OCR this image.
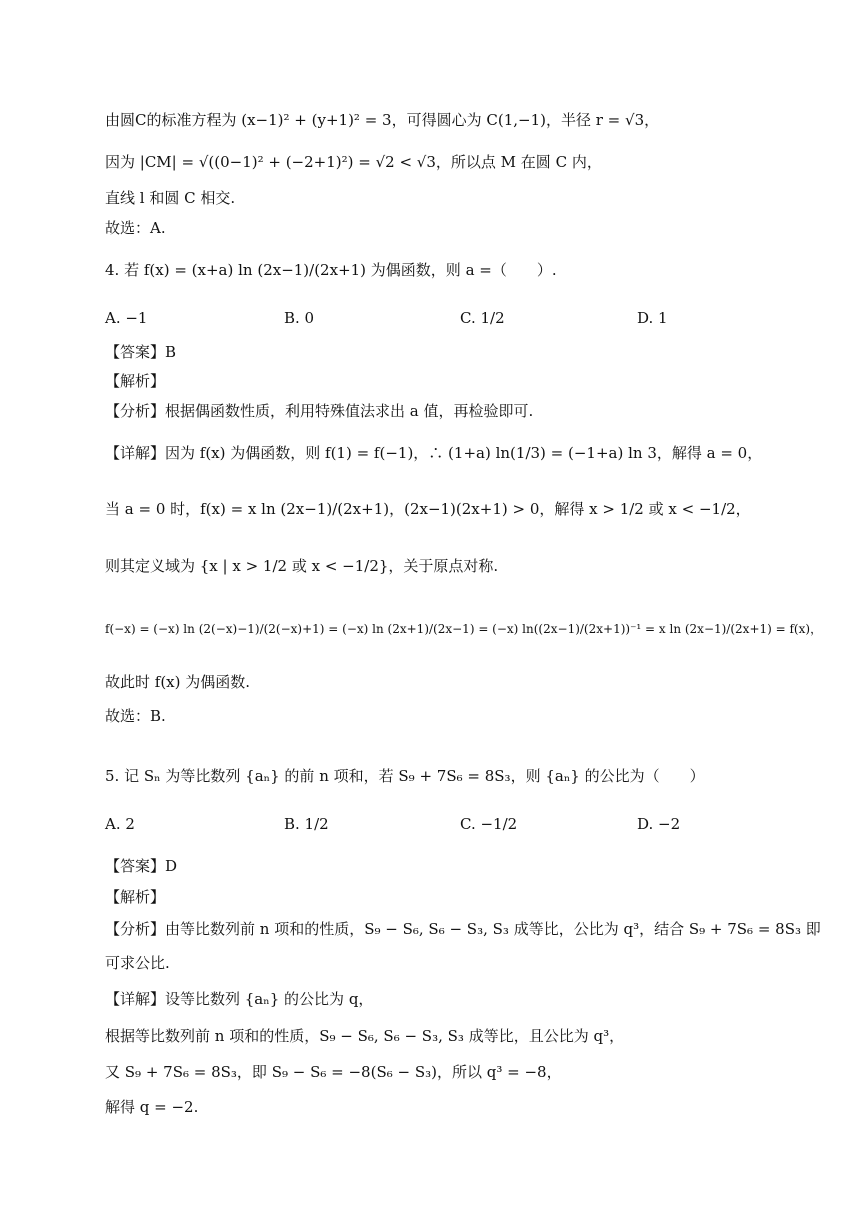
由圆C的标准方程为 (x−1)² + (y+1)² = 3，可得圆心为 C(1,−1)，半径 r = √3，
因为 |CM| = √((0−1)² + (−2+1)²) = √2 < √3，所以点 M 在圆 C 内，
直线 l 和圆 C 相交.
故选：A.
4. 若 f(x) = (x+a) ln (2x−1)/(2x+1) 为偶函数，则 a =（　　）.
A. −1	B. 0	C. 1/2	D. 1
【答案】B
【解析】
【分析】根据偶函数性质，利用特殊值法求出 a 值，再检验即可.
【详解】因为 f(x) 为偶函数，则 f(1) = f(−1)，∴ (1+a) ln(1/3) = (−1+a) ln 3，解得 a = 0，
当 a = 0 时，f(x) = x ln (2x−1)/(2x+1)，(2x−1)(2x+1) > 0，解得 x > 1/2 或 x < −1/2，
则其定义域为 {x | x > 1/2 或 x < −1/2}，关于原点对称.
f(−x) = (−x) ln (2(−x)−1)/(2(−x)+1) = (−x) ln (2x+1)/(2x−1) = (−x) ln((2x−1)/(2x+1))⁻¹ = x ln (2x−1)/(2x+1) = f(x)，
故此时 f(x) 为偶函数.
故选：B.
5. 记 Sₙ 为等比数列 {aₙ} 的前 n 项和，若 S₉ + 7S₆ = 8S₃，则 {aₙ} 的公比为（　　）
A. 2	B. 1/2	C. −1/2	D. −2
【答案】D
【解析】
【分析】由等比数列前 n 项和的性质，S₉ − S₆, S₆ − S₃, S₃ 成等比，公比为 q³，结合 S₉ + 7S₆ = 8S₃ 即
可求公比.
【详解】设等比数列 {aₙ} 的公比为 q，
根据等比数列前 n 项和的性质，S₉ − S₆, S₆ − S₃, S₃ 成等比，且公比为 q³，
又 S₉ + 7S₆ = 8S₃，即 S₉ − S₆ = −8(S₆ − S₃)，所以 q³ = −8，
解得 q = −2.
